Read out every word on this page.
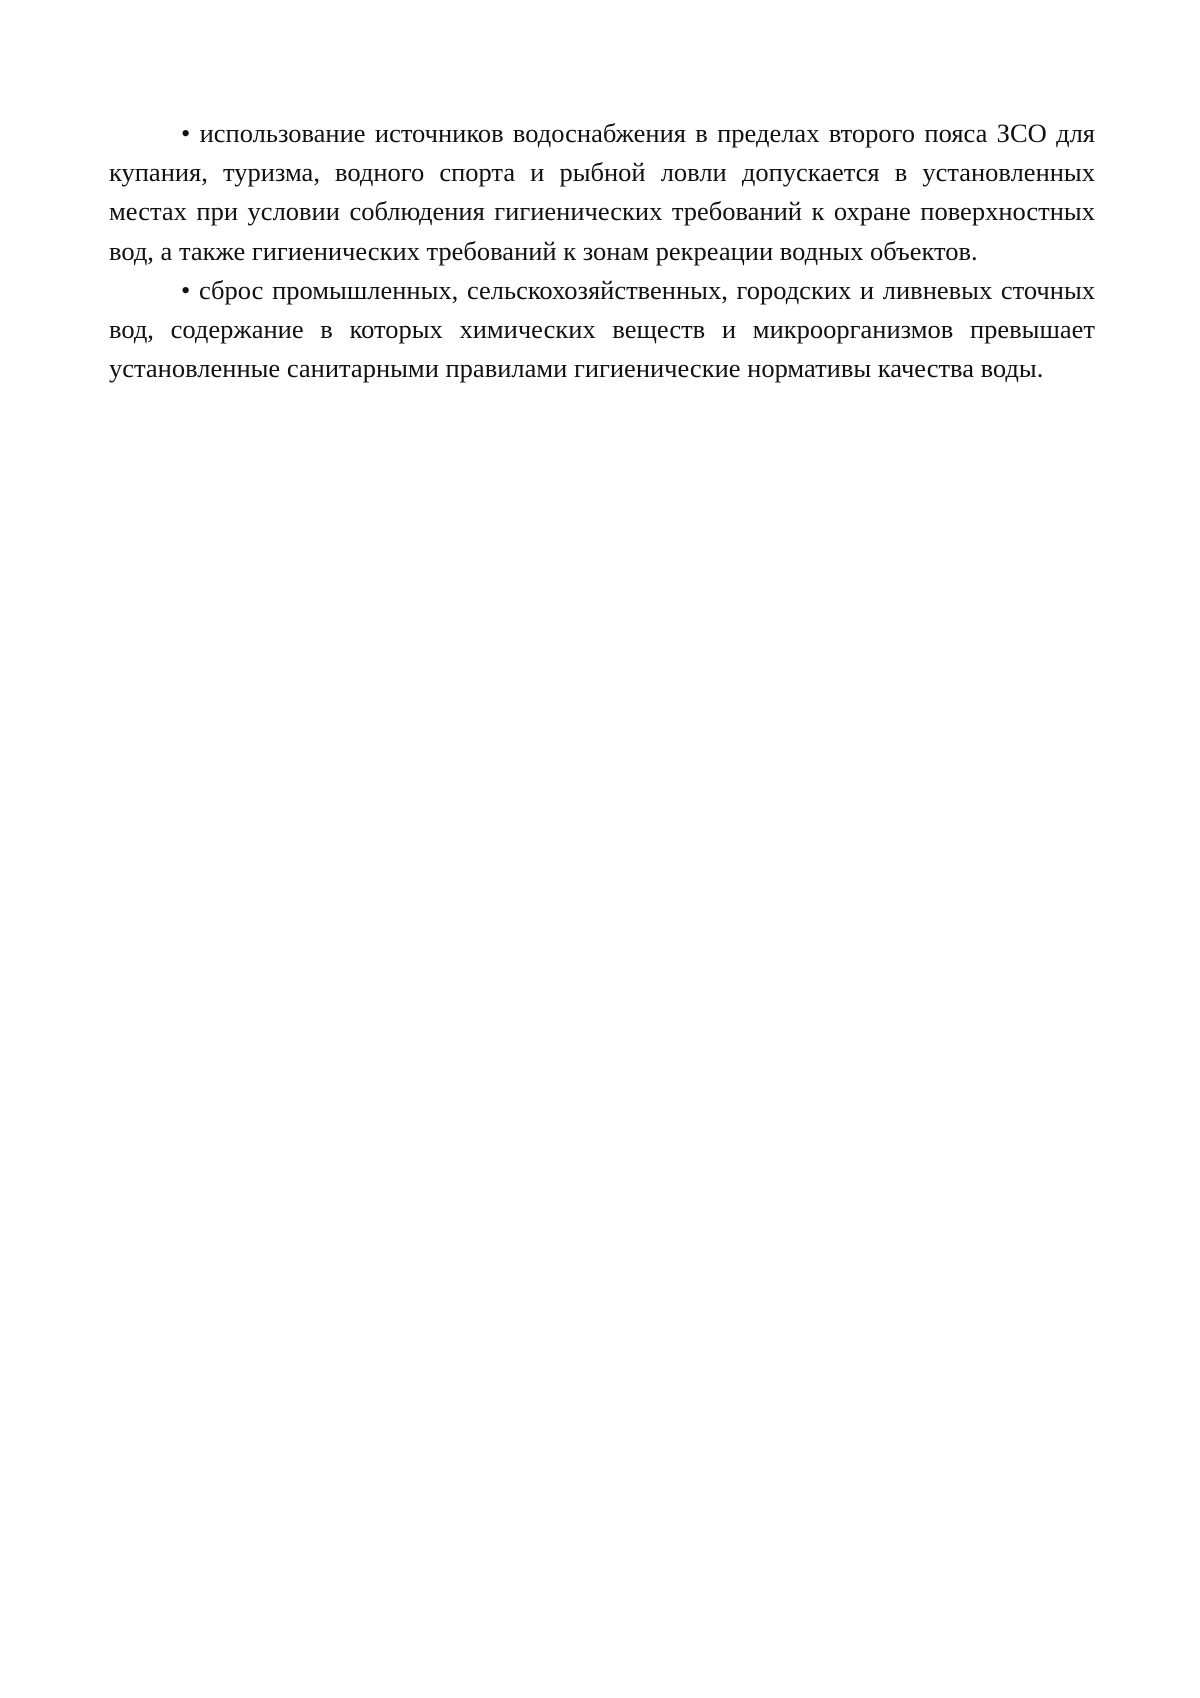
• использование источников водоснабжения в пределах второго пояса ЗСО для купания, туризма, водного спорта и рыбной ловли допускается в установленных местах при условии соблюдения гигиенических требований к охране поверхностных вод, а также гигиенических требований к зонам рекреации водных объектов.

• сброс промышленных, сельскохозяйственных, городских и ливневых сточных вод, содержание в которых химических веществ и микроорганизмов превышает установленные санитарными правилами гигиенические нормативы качества воды.
